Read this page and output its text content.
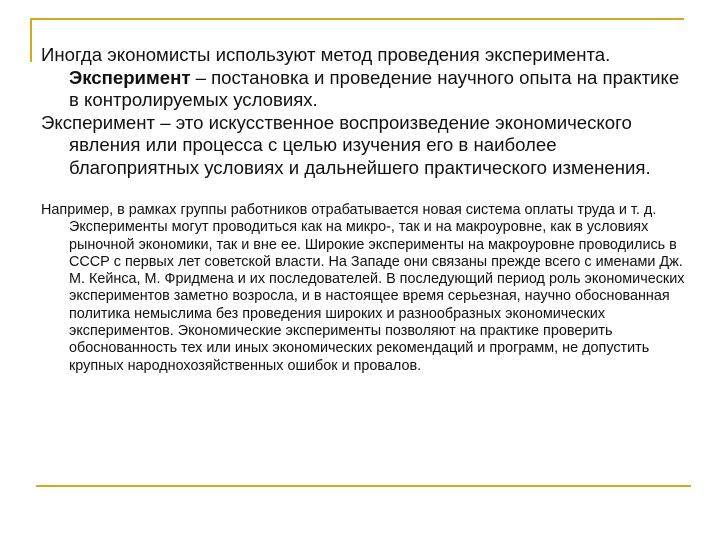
Иногда экономисты используют метод проведения эксперимента. Эксперимент – постановка и проведение научного опыта на практике в контролируемых условиях.

Эксперимент – это искусственное воспроизведение экономического явления или процесса с целью изучения его в наиболее благоприятных условиях и дальнейшего практического изменения.

Например, в рамках группы работников отрабатывается новая система оплаты труда и т. д. Эксперименты могут проводиться как на микро-, так и на макроуровне, как в условиях рыночной экономики, так и вне ее. Широкие эксперименты на макроуровне проводились в СССР с первых лет советской власти. На Западе они связаны прежде всего с именами Дж. М. Кейнса, М. Фридмена и их последователей. В последующий период роль экономических экспериментов заметно возросла, и в настоящее время серьезная, научно обоснованная политика немыслима без проведения широких и разнообразных экономических экспериментов. Экономические эксперименты позволяют на практике проверить обоснованность тех или иных экономических рекомендаций и программ, не допустить крупных народнохозяйственных ошибок и провалов.
